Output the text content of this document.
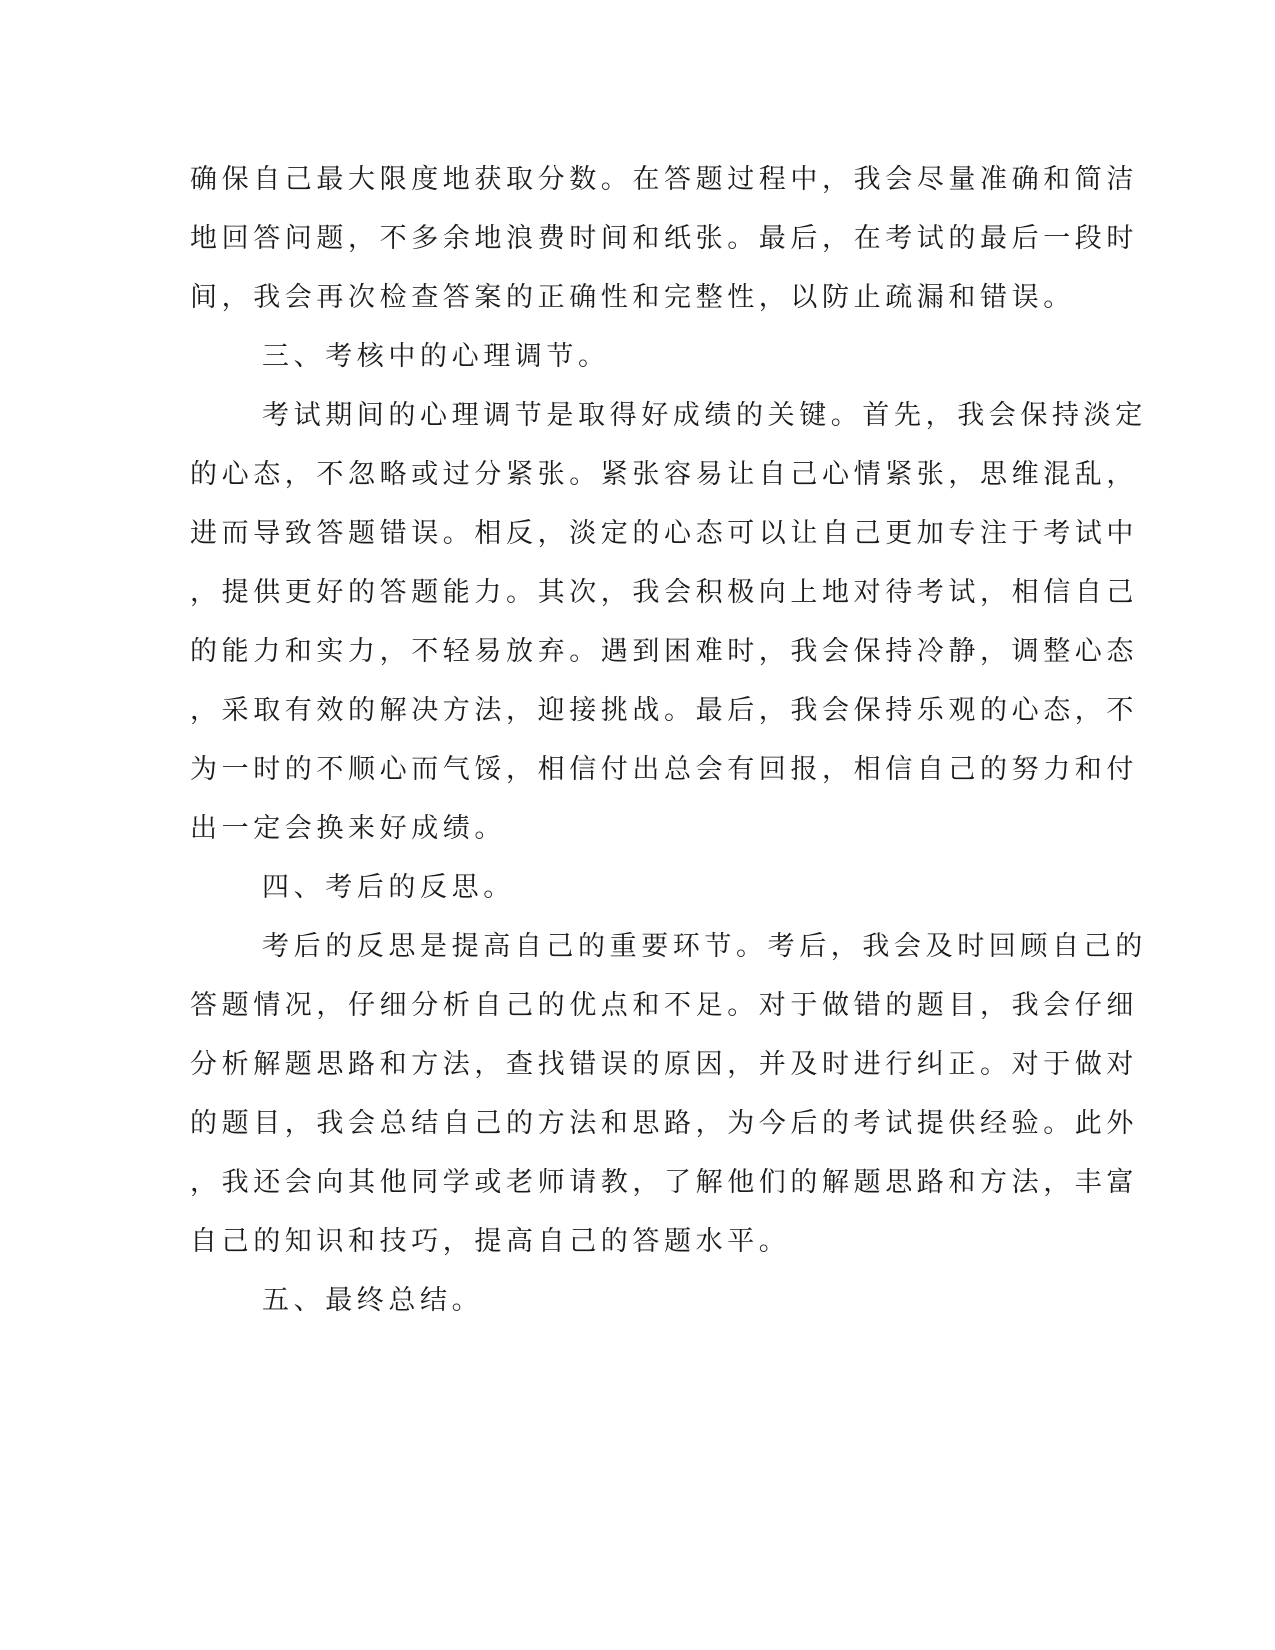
确保自己最大限度地获取分数。在答题过程中，我会尽量准确和简洁
地回答问题，不多余地浪费时间和纸张。最后，在考试的最后一段时
间，我会再次检查答案的正确性和完整性，以防止疏漏和错误。
三、考核中的心理调节。
考试期间的心理调节是取得好成绩的关键。首先，我会保持淡定
的心态，不忽略或过分紧张。紧张容易让自己心情紧张，思维混乱，
进而导致答题错误。相反，淡定的心态可以让自己更加专注于考试中
，提供更好的答题能力。其次，我会积极向上地对待考试，相信自己
的能力和实力，不轻易放弃。遇到困难时，我会保持冷静，调整心态
，采取有效的解决方法，迎接挑战。最后，我会保持乐观的心态，不
为一时的不顺心而气馁，相信付出总会有回报，相信自己的努力和付
出一定会换来好成绩。
四、考后的反思。
考后的反思是提高自己的重要环节。考后，我会及时回顾自己的
答题情况，仔细分析自己的优点和不足。对于做错的题目，我会仔细
分析解题思路和方法，查找错误的原因，并及时进行纠正。对于做对
的题目，我会总结自己的方法和思路，为今后的考试提供经验。此外
，我还会向其他同学或老师请教，了解他们的解题思路和方法，丰富
自己的知识和技巧，提高自己的答题水平。
五、最终总结。
